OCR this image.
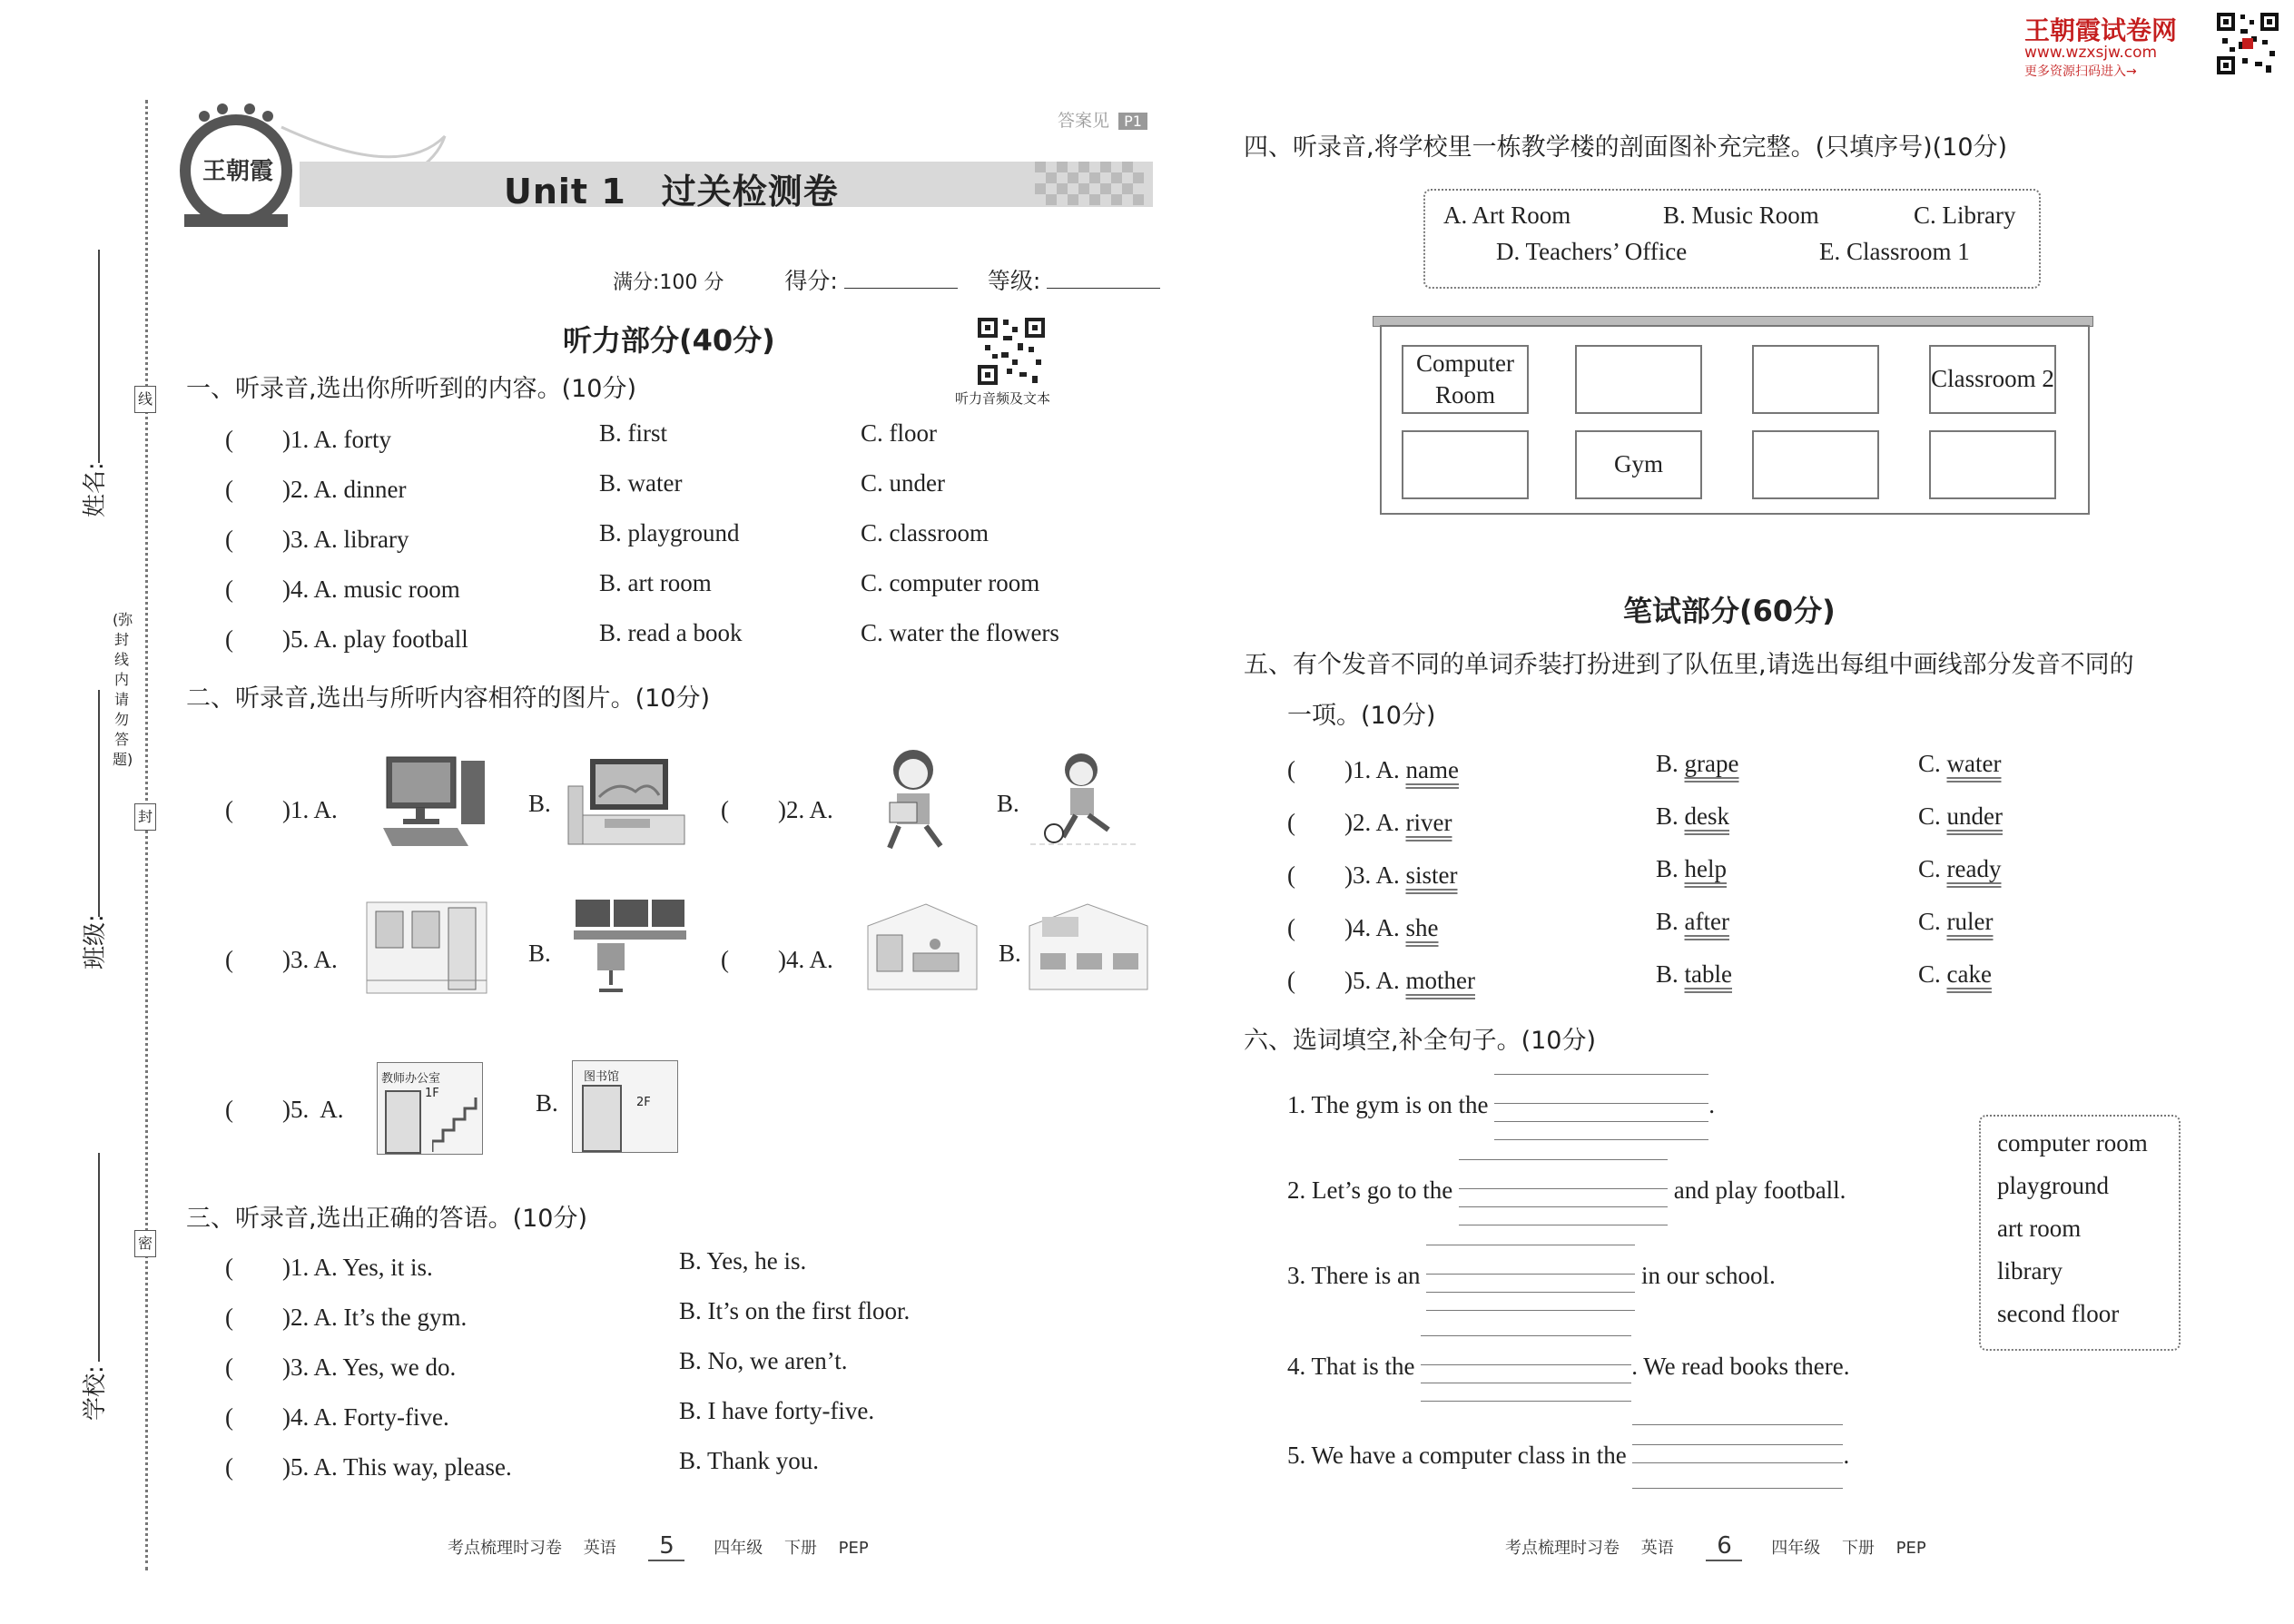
王朝霞试卷网
www.wzxsjw.com
更多资源扫码进入→
线
封
密
(弥封线内请勿答题)
姓名:
班级:
学校:
王朝霞
答案见 P1
Unit 1　过关检测卷
满分:100 分	得分:	等级:
听力部分(40分)
听力音频及文本
一、听录音,选出你所听到的内容。(10分)
(　　)1. A. forty	B. first	C. floor
(　　)2. A. dinner	B. water	C. under
(　　)3. A. library	B. playground	C. classroom
(　　)4. A. music room	B. art room	C. computer room
(　　)5. A. play football	B. read a book	C. water the flowers
二、听录音,选出与所听内容相符的图片。(10分)
(　　)1. A.	B.	(　　)2. A.	B.
(　　)3. A.	B.	(　　)4. A.	B.
(　　)5.  A.
教师办公室
1F	B.
图书馆
2F
三、听录音,选出正确的答语。(10分)
(　　)1. A. Yes, it is.	B. Yes, he is.
(　　)2. A. It’s the gym.	B. It’s on the first floor.
(　　)3. A. Yes, we do.	B. No, we aren’t.
(　　)4. A. Forty-five.	B. I have forty-five.
(　　)5. A. This way, please.	B. Thank you.
考点梳理时习卷 英语 5 四年级 下册 PEP
四、听录音,将学校里一栋教学楼的剖面图补充完整。(只填序号)(10分)
A. Art Room	B. Music Room	C. Library
D. Teachers’ Office	E. Classroom 1
Computer Room
Classroom 2
Gym
笔试部分(60分)
五、有个发音不同的单词乔装打扮进到了队伍里,请选出每组中画线部分发音不同的
一项。(10分)
(　　)1. A. name	B. grape	C. water
(　　)2. A. river	B. desk	C. under
(　　)3. A. sister	B. help	C. ready
(　　)4. A. she	B. after	C. ruler
(　　)5. A. mother	B. table	C. cake
六、选词填空,补全句子。(10分)
1. The gym is on the	.
2. Let’s go to the	and play football.
3. There is an	in our school.
4. That is the	. We read books there.
5. We have a computer class in the	.
computer room
playground
art room
library
second floor
考点梳理时习卷 英语 6 四年级 下册 PEP
